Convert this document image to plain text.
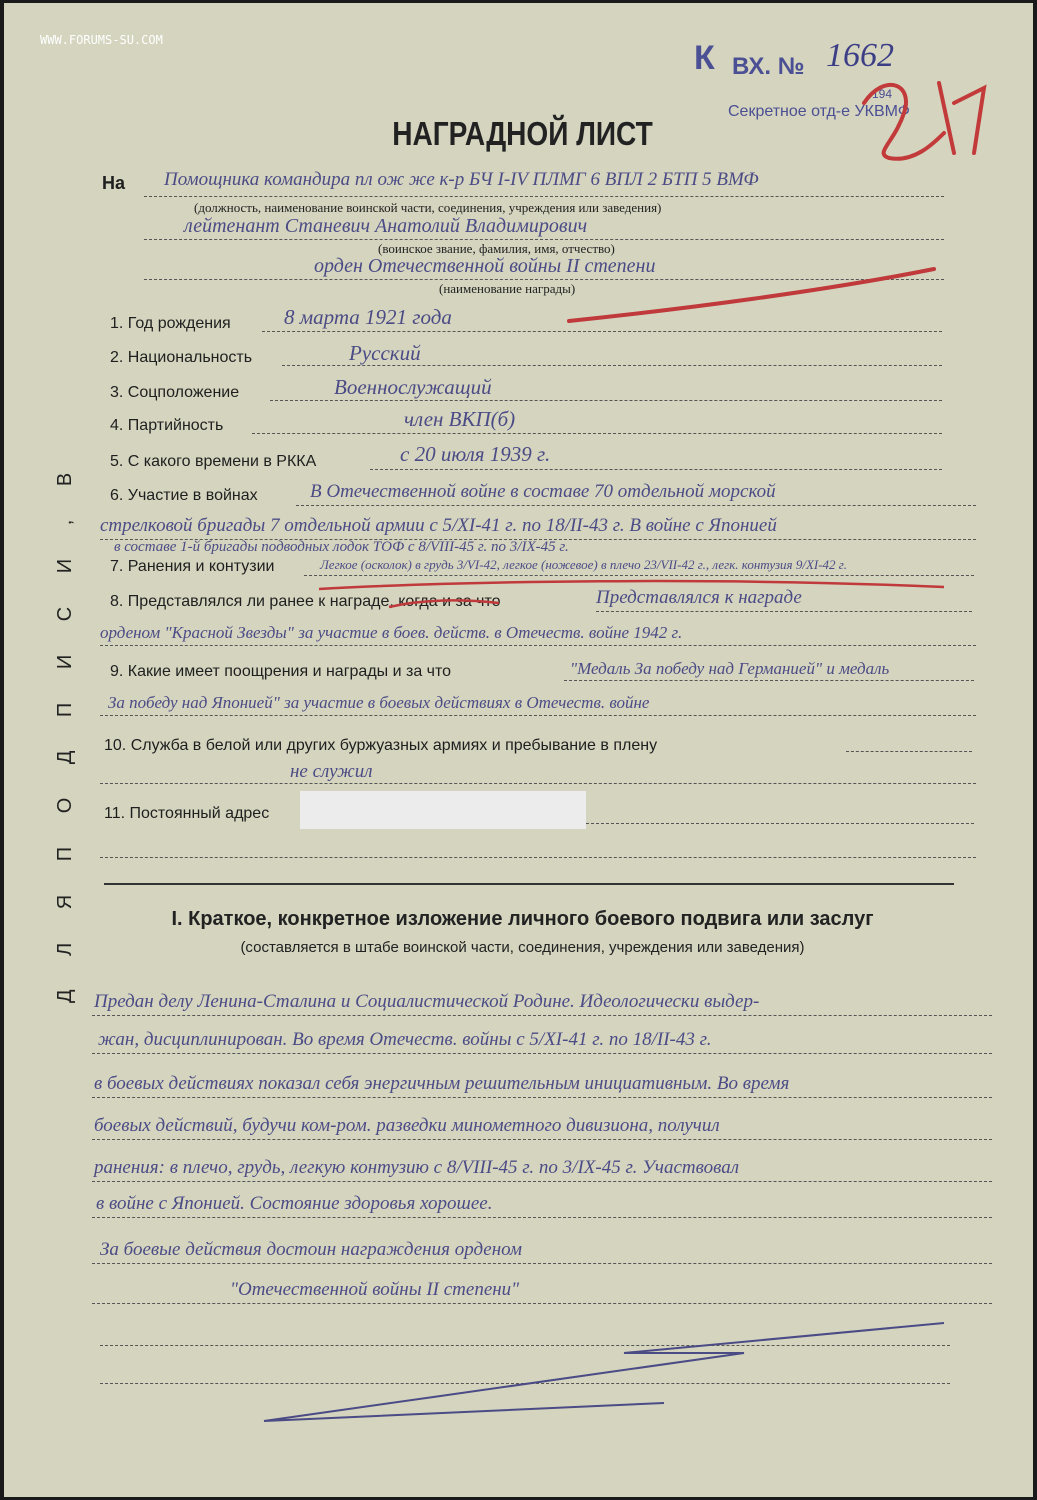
WWW.FORUMS-SU.COM	К ВХ. № 1662
194
Секретное отд-е УКВМФ
НАГРАДНОЙ ЛИСТ
На Помощника командира пл ож же к-р БЧ I-IV ПЛМГ 6 ВПЛ 2 БТП 5 ВМФ
(должность, наименование воинской части, соединения, учреждения или заведения)
лейтенант Станевич Анатолий Владимирович
(воинское звание, фамилия, имя, отчество)
орден Отечественной войны II степени
(наименование награды)
Д Л Я П О Д П И С И , В И Д Е Н И Я 1. Год рождения	8 марта 1921 года
2. Национальность	Русский
3. Соцположение	Военнослужащий
4. Партийность	член ВКП(б)
5. С какого времени в РККА	с 20 июля 1939 г.
6. Участие в войнах	В Отечественной войне в составе 70 отдельной морской
стрелковой бригады 7 отдельной армии с 5/XI-41 г. по 18/II-43 г. В войне с Японией
в составе 1-й бригады подводных лодок ТОФ с 8/VIII-45 г. по 3/IX-45 г.
7. Ранения и контузии	Легкое (осколок) в грудь 3/VI-42, легкое (ножевое) в плечо 23/VII-42 г., легк. контузия 9/XI-42 г.
8. Представлялся ли ранее к награде, когда и за что	Представлялся к награде
орденом "Красной Звезды" за участие в боев. действ. в Отечеств. войне 1942 г.
9. Какие имеет поощрения и награды и за что	"Медаль За победу над Германией" и медаль
За победу над Японией" за участие в боевых действиях в Отечеств. войне
10. Служба в белой или других буржуазных армиях и пребывание в плену
не служил
11. Постоянный адрес
I. Краткое, конкретное изложение личного боевого подвига или заслуг
(составляется в штабе воинской части, соединения, учреждения или заведения)
Предан делу Ленина-Сталина и Социалистической Родине. Идеологически выдер-
жан, дисциплинирован. Во время Отечеств. войны с 5/XI-41 г. по 18/II-43 г.
в боевых действиях показал себя энергичным решительным инициативным. Во время
боевых действий, будучи ком-ром. разведки минометного дивизиона, получил
ранения: в плечо, грудь, легкую контузию с 8/VIII-45 г. по 3/IX-45 г. Участвовал
в войне с Японией. Состояние здоровья хорошее.
За боевые действия достоин награждения орденом
"Отечественной войны II степени"
